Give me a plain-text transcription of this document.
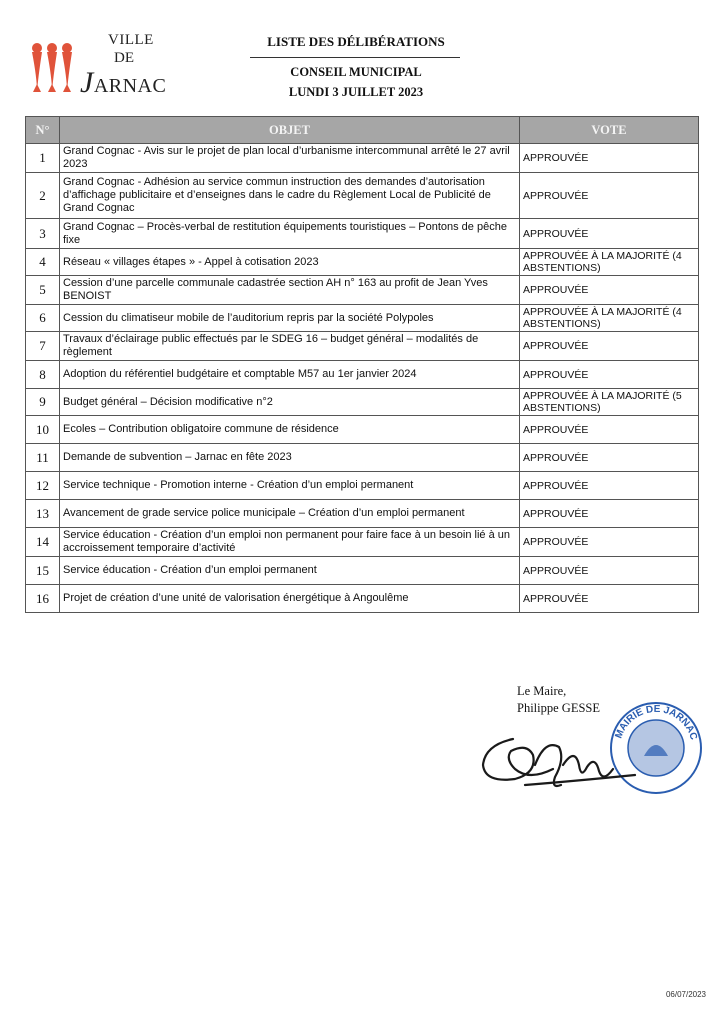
VILLE
DE
JARNAC
LISTE DES DÉLIBÉRATIONS
CONSEIL MUNICIPAL
LUNDI 3 JUILLET 2023
N°	OBJET	VOTE
1	Grand Cognac - Avis sur le projet de plan local d’urbanisme intercommunal arrêté le 27 avril 2023	APPROUVÉE
2	Grand Cognac - Adhésion au service commun instruction des demandes d’autorisation d’affichage publicitaire et d’enseignes dans le cadre du Règlement Local de Publicité de Grand Cognac	APPROUVÉE
3	Grand Cognac – Procès-verbal de restitution équipements touristiques – Pontons de pêche fixe	APPROUVÉE
4	Réseau « villages étapes » - Appel à cotisation 2023	APPROUVÉE À LA MAJORITÉ (4 ABSTENTIONS)
5	Cession d’une parcelle communale cadastrée section AH n° 163 au profit de Jean Yves BENOIST	APPROUVÉE
6	Cession du climatiseur mobile de l’auditorium repris par la société Polypoles	APPROUVÉE À LA MAJORITÉ (4 ABSTENTIONS)
7	Travaux d’éclairage public effectués par le SDEG 16 – budget général – modalités de règlement	APPROUVÉE
8	Adoption du référentiel budgétaire et comptable M57 au 1er janvier 2024	APPROUVÉE
9	Budget général – Décision modificative n°2	APPROUVÉE À LA MAJORITÉ (5 ABSTENTIONS)
10	Ecoles – Contribution obligatoire commune de résidence	APPROUVÉE
11	Demande de subvention – Jarnac en fête 2023	APPROUVÉE
12	Service technique - Promotion interne - Création d’un emploi permanent	APPROUVÉE
13	Avancement de grade service police municipale – Création d’un emploi permanent	APPROUVÉE
14	Service éducation - Création d’un emploi non permanent pour faire face à un besoin lié à un accroissement temporaire d’activité	APPROUVÉE
15	Service éducation - Création d’un emploi permanent	APPROUVÉE
16	Projet de création d’une unité de valorisation énergétique à Angoulême	APPROUVÉE
Le Maire,
Philippe GESSE
MAIRIE DE JARNAC
06/07/2023
